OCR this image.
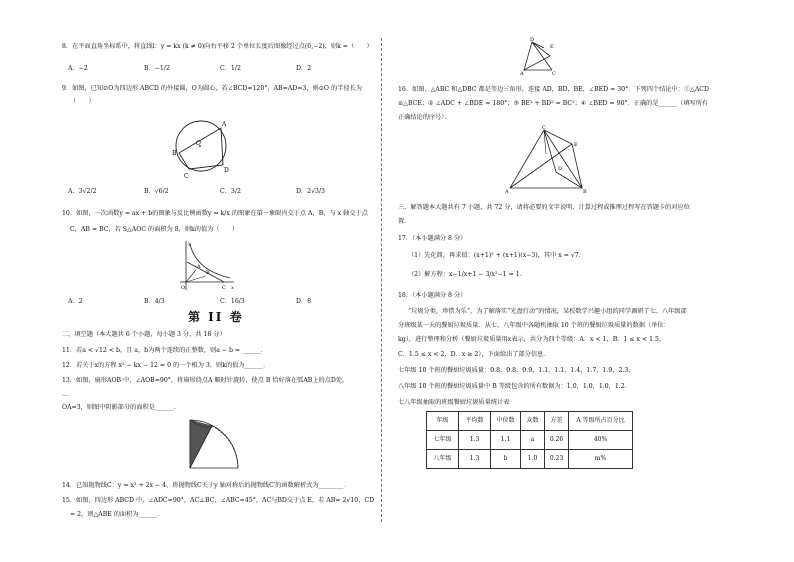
8．在平面直角坐标系中，将直线l：y = kx (k ≠ 0)向右平移 2 个单位长度后图像经过点(6,−2)，则k =（　　）
A．−2	B．−1/2	C．1/2	D．2
9．如图，已知⊙O为四边形 ABCD 的外接圆，O为圆心，若∠BCD=120°，AB=AD=3，则⊙O 的半径长为
（　　）
A
B
C
D
O
A．3√2/2	B．√6/2	C．3/2	D．2√3/3
10．如图，一次函数y = ax + b的图象与反比例函数y = k/x 的图象在第一象限内交于点 A，B，与 x 轴交于点
C，AB = BC，若 S△AOC 的面积为 8，则k的值为（　　）
y
x
O
A
B
C
A．2	B．4/3	C．16/3	D．8
第 II 卷
二、填空题（本大题共 6 个小题，每小题 3 分，共 18 分）
11．若a < √12 < b，且 a，b为两个连续的正整数，则a − b = ______．
12．若关于x的方程 x² − kx − 12 = 0 的一个根为 3，则k的值为______．
13．如图，扇形AOB 中，∠AOB=90°，将扇形绕点A 顺时针旋转，使点 B 恰好落在弧AB上的点D处，
…
OA=3，则图中阴影部分的面积是______．
14．已知抛物线C：y = x² + 2x − 4，将抛物线C关于y 轴对称后的抛物线C′的函数解析式为________．
15．如图，四边形 ABCD 中，∠ADC=90°，AC⊥BC，∠ABC=45°，AC与BD交于点 E，若 AB= 2√10，CD
= 2，则△ABE 的面积为______．
D
E
A	C
16．如图，△ABC 和△DBC 都是等边三角形，连接 AD，BD，BE，∠BED = 30°．下列四个结论中：①△ACD
≌△BCE；② ∠ADC + ∠BDE = 180°；③ BE² + BD² = BC²；④ ∠BED = 90°．正确的是______（填写所有
正确结论的序号）．
C
E
A	B
D
三、解答题本大题共有 7 小题，共 72 分，请将必要的文字说明、计算过程或推理过程写在答题卡的对应位
置．
17．（本小题满分 8 分）
（1）先化简，再求值：(x+1)² + (x+1)(x−3)，其中 x = √7．
（2）解方程：x−1/x+1 − 3/x²−1 = 1．
18．（本小题满分 8 分）
“垃圾分类，珍惜为乐”，为了解落实“光盘行动”的情况，某校数学兴趣小组的同学调研了七、八年级部
分班级某一天的餐厨垃圾质量．从七、八年级中各随机抽取 10 个班的餐厨垃圾质量的数据（单位：
kg），进行整理和分析（餐厨垃圾质量用x表示，共分为四个等级：A．x < 1，B．1 ≤ x < 1.5，
C．1.5 ≤ x < 2，D．x ≥ 2），下面给出了部分信息．
七年级 10 个班的餐厨垃圾质量：0.8，0.8，0.9，1.1，1.1，1.4，1.7，1.9，2.3，
八年级 10 个班的餐厨垃圾质量中 B 等级包含的所有数据为：1.0，1.0，1.0，1.2．
七八年级抽取的班级餐厨垃圾质量统计表
年级	平均数	中位数	众数	方差	A 等级所占百分比
七年级	1.3	1.1	a	0.26	40%
八年级	1.3	b	1.0	0.23	m%
